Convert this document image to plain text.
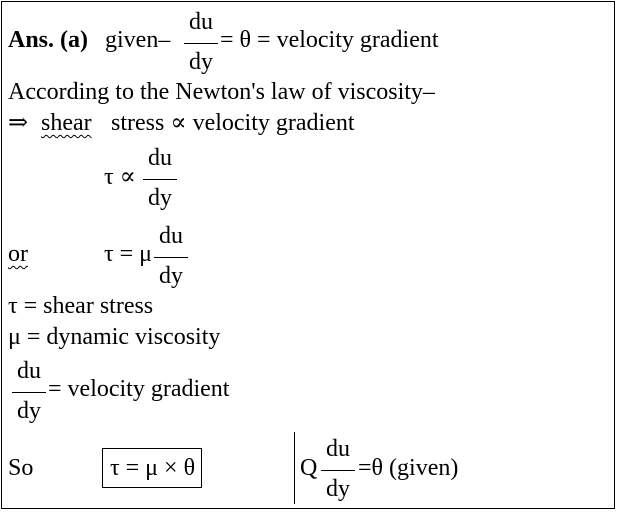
Ans. (a) given–
du
dy
= θ = velocity gradient
According to the Newton's law of viscosity–
⇒ shear stress ∝ velocity gradient
τ ∝
du
dy
or	τ = μ
du
dy
τ = shear stress
μ = dynamic viscosity
du
dy
= velocity gradient
So	τ = μ × θ	Q
du
dy
=θ (given)
